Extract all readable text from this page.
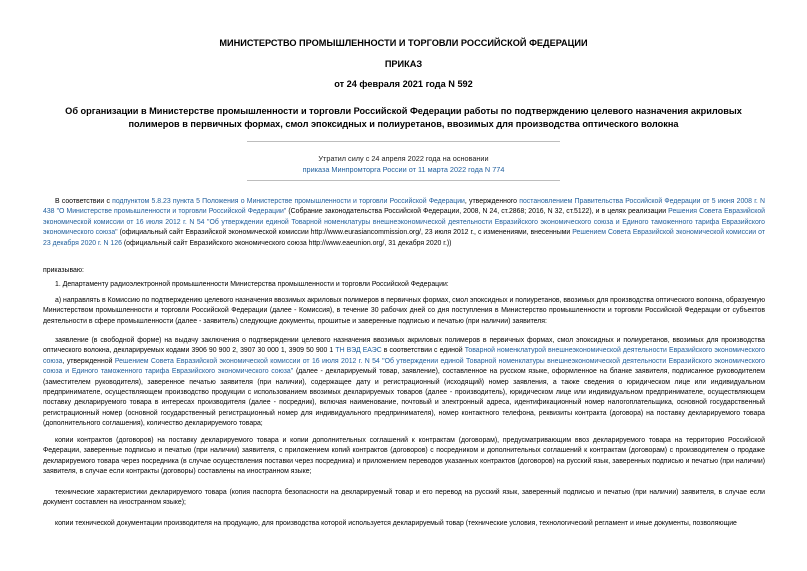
МИНИСТЕРСТВО ПРОМЫШЛЕННОСТИ И ТОРГОВЛИ РОССИЙСКОЙ ФЕДЕРАЦИИ
ПРИКАЗ
от 24 февраля 2021 года N 592
Об организации в Министерстве промышленности и торговли Российской Федерации работы по подтверждению целевого назначения акриловых полимеров в первичных формах, смол эпоксидных и полиуретанов, ввозимых для производства оптического волокна
Утратил силу с 24 апреля 2022 года на основании
приказа Минпромторга России от 11 марта 2022 года N 774
В соответствии с подпунктом 5.8.23 пункта 5 Положения о Министерстве промышленности и торговли Российской Федерации, утвержденного постановлением Правительства Российской Федерации от 5 июня 2008 г. N 438 "О Министерстве промышленности и торговли Российской Федерации" (Собрание законодательства Российской Федерации, 2008, N 24, ст.2868; 2016, N 32, ст.5122), и в целях реализации Решения Совета Евразийской экономической комиссии от 16 июля 2012 г. N 54 "Об утверждении единой Товарной номенклатуры внешнеэкономической деятельности Евразийского экономического союза и Единого таможенного тарифа Евразийского экономического союза" (официальный сайт Евразийской экономической комиссии http://www.eurasiancommission.org/, 23 июля 2012 г., с изменениями, внесенными Решением Совета Евразийской экономической комиссии от 23 декабря 2020 г. N 126 (официальный сайт Евразийского экономического союза http://www.eaeunion.org/, 31 декабря 2020 г.))
приказываю:
1. Департаменту радиоэлектронной промышленности Министерства промышленности и торговли Российской Федерации:
а) направлять в Комиссию по подтверждению целевого назначения ввозимых акриловых полимеров в первичных формах, смол эпоксидных и полиуретанов, ввозимых для производства оптического волокна, образуемую Министерством промышленности и торговли Российской Федерации (далее - Комиссия), в течение 30 рабочих дней со дня поступления в Министерство промышленности и торговли Российской Федерации от субъектов деятельности в сфере промышленности (далее - заявитель) следующие документы, прошитые и заверенные подписью и печатью (при наличии) заявителя:
заявление (в свободной форме) на выдачу заключения о подтверждении целевого назначения ввозимых акриловых полимеров в первичных формах, смол эпоксидных и полиуретанов, ввозимых для производства оптического волокна, декларируемых кодами 3906 90 900 2, 3907 30 000 1, 3909 50 900 1 ТН ВЭД ЕАЭС в соответствии с единой Товарной номенклатурой внешнеэкономической деятельности Евразийского экономического союза, утвержденной Решением Совета Евразийской экономической комиссии от 16 июля 2012 г. N 54 "Об утверждении единой Товарной номенклатуры внешнеэкономической деятельности Евразийского экономического союза и Единого таможенного тарифа Евразийского экономического союза" (далее - декларируемый товар, заявление), составленное на русском языке, оформленное на бланке заявителя, подписанное руководителем (заместителем руководителя), заверенное печатью заявителя (при наличии), содержащее дату и регистрационный (исходящий) номер заявления, а также сведения о юридическом лице или индивидуальном предпринимателе, осуществляющем производство продукции с использованием ввозимых декларируемых товаров (далее - производитель), юридическом лице или индивидуальном предпринимателе, осуществляющем поставку декларируемого товара в интересах производителя (далее - посредник), включая наименование, почтовый и электронный адреса, идентификационный номер налогоплательщика, основной государственный регистрационный номер (основной государственный регистрационный номер для индивидуального предпринимателя), номер контактного телефона, реквизиты контракта (договора) на поставку декларируемого товара (дополнительного соглашения), количество декларируемого товара;
копии контрактов (договоров) на поставку декларируемого товара и копии дополнительных соглашений к контрактам (договорам), предусматривающим ввоз декларируемого товара на территорию Российской Федерации, заверенные подписью и печатью (при наличии) заявителя, с приложением копий контрактов (договоров) с посредником и дополнительных соглашений к контрактам (договорам) с производителем о продаже декларируемого товара через посредника (в случае осуществления поставки через посредника) и приложением переводов указанных контрактов (договоров) на русский язык, заверенных подписью и печатью (при наличии) заявителя, в случае если контракты (договоры) составлены на иностранном языке;
технические характеристики декларируемого товара (копия паспорта безопасности на декларируемый товар и его перевод на русский язык, заверенный подписью и печатью (при наличии) заявителя, в случае если документ составлен на иностранном языке);
копии технической документации производителя на продукцию, для производства которой используется декларируемый товар (технические условия, технологический регламент и иные документы, позволяющие
